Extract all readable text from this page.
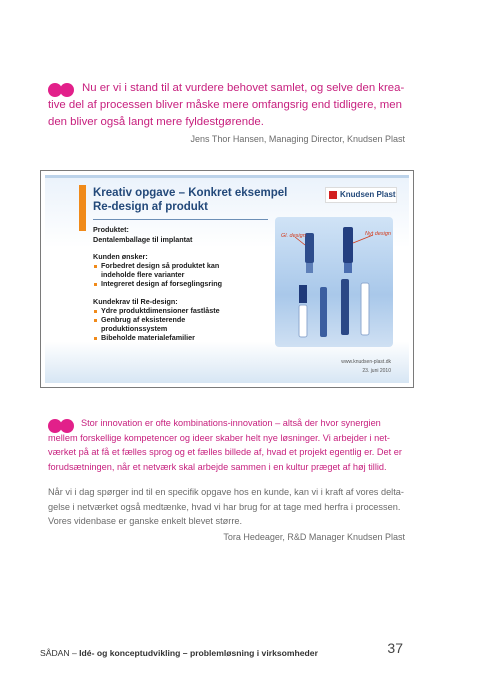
Nu er vi i stand til at vurdere behovet samlet, og selve den krea-
tive del af processen bliver måske mere omfangsrig end tidligere, men
den bliver også langt mere fyldestgørende.
Jens Thor Hansen, Managing Director, Knudsen Plast
Kreativ opgave – Konkret eksempel
Re-design af produkt
Knudsen Plast
Produktet:
Dentalemballage til implantat
Kunden ønsker:
Forbedret design så produktet kan
indeholde flere varianter
Integreret design af forseglingsring
Kundekrav til Re-design:
Ydre produktdimensioner fastlåste
Genbrug af eksisterende
produktionssystem
Bibeholde materialefamilier
Gl. design	Nyt design
www.knudsen-plast.dk
23. juni 2010
Stor innovation er ofte kombinations-innovation – altså der hvor synergien
mellem forskellige kompetencer og ideer skaber helt nye løsninger. Vi arbejder i net-
værket på at få et fælles sprog og et fælles billede af, hvad et projekt egentlig er. Det er
forudsætningen, når et netværk skal arbejde sammen i en kultur præget af høj tillid.
Når vi i dag spørger ind til en specifik opgave hos en kunde, kan vi i kraft af vores delta-
gelse i netværket også medtænke, hvad vi har brug for at tage med herfra i processen.
Vores videnbase er ganske enkelt blevet større.
Tora Hedeager, R&D Manager Knudsen Plast
SÅDAN – Idé- og konceptudvikling – problemløsning i virksomheder	37
